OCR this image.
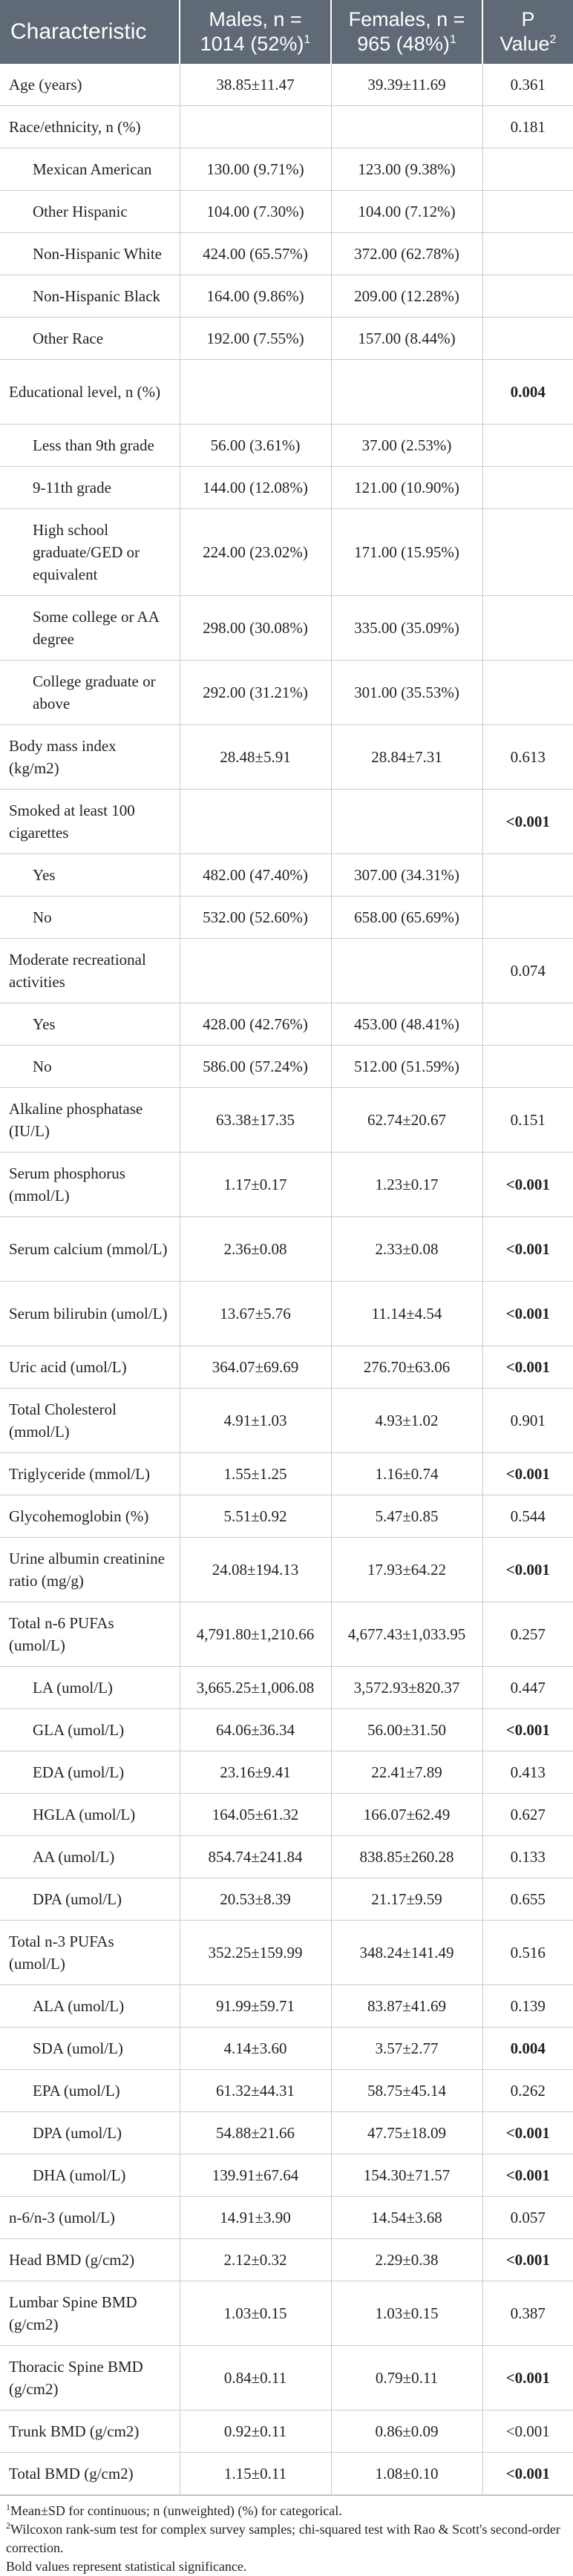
Characteristic	Males, n =
1014 $(52\%)^1$	Females, n =
965 $(48\%)^1$	P
Value$^2$
Age (years)	38.85±11.47	39.39±11.69	0.361
Race/ethnicity, n (%)			0.181
Mexican American	130.00 (9.71%)	123.00 (9.38%)	
Other Hispanic	104.00 (7.30%)	104.00 (7.12%)	
Non-Hispanic White	424.00 (65.57%)	372.00 (62.78%)	
Non-Hispanic Black	164.00 (9.86%)	209.00 (12.28%)	
Other Race	192.00 (7.55%)	157.00 (8.44%)	
Educational level, n (%)			0.004
Less than 9th grade	56.00 (3.61%)	37.00 (2.53%)	
9-11th grade	144.00 (12.08%)	121.00 (10.90%)	
High school graduate/GED or equivalent	224.00 (23.02%)	171.00 (15.95%)	
Some college or AA degree	298.00 (30.08%)	335.00 (35.09%)	
College graduate or above	292.00 (31.21%)	301.00 (35.53%)	
Body mass index (kg/m2)	28.48±5.91	28.84±7.31	0.613
Smoked at least 100 cigarettes			<0.001
Yes	482.00 (47.40%)	307.00 (34.31%)	
No	532.00 (52.60%)	658.00 (65.69%)	
Moderate recreational activities			0.074
Yes	428.00 (42.76%)	453.00 (48.41%)	
No	586.00 (57.24%)	512.00 (51.59%)	
Alkaline phosphatase (IU/L)	63.38±17.35	62.74±20.67	0.151
Serum phosphorus (mmol/L)	1.17±0.17	1.23±0.17	<0.001
Serum calcium (mmol/L)	2.36±0.08	2.33±0.08	<0.001
Serum bilirubin (umol/L)	13.67±5.76	11.14±4.54	<0.001
Uric acid (umol/L)	364.07±69.69	276.70±63.06	<0.001
Total Cholesterol (mmol/L)	4.91±1.03	4.93±1.02	0.901
Triglyceride (mmol/L)	1.55±1.25	1.16±0.74	<0.001
Glycohemoglobin (%)	5.51±0.92	5.47±0.85	0.544
Urine albumin creatinine ratio (mg/g)	24.08±194.13	17.93±64.22	<0.001
Total n-6 PUFAs (umol/L)	4,791.80±1,210.66	4,677.43±1,033.95	0.257
LA (umol/L)	3,665.25±1,006.08	3,572.93±820.37	0.447
GLA (umol/L)	64.06±36.34	56.00±31.50	<0.001
EDA (umol/L)	23.16±9.41	22.41±7.89	0.413
HGLA (umol/L)	164.05±61.32	166.07±62.49	0.627
AA (umol/L)	854.74±241.84	838.85±260.28	0.133
DPA (umol/L)	20.53±8.39	21.17±9.59	0.655
Total n-3 PUFAs (umol/L)	352.25±159.99	348.24±141.49	0.516
ALA (umol/L)	91.99±59.71	83.87±41.69	0.139
SDA (umol/L)	4.14±3.60	3.57±2.77	0.004
EPA (umol/L)	61.32±44.31	58.75±45.14	0.262
DPA (umol/L)	54.88±21.66	47.75±18.09	<0.001
DHA (umol/L)	139.91±67.64	154.30±71.57	<0.001
n-6/n-3 (umol/L)	14.91±3.90	14.54±3.68	0.057
Head BMD (g/cm2)	2.12±0.32	2.29±0.38	<0.001
Lumbar Spine BMD (g/cm2)	1.03±0.15	1.03±0.15	0.387
Thoracic Spine BMD (g/cm2)	0.84±0.11	0.79±0.11	<0.001
Trunk BMD (g/cm2)	0.92±0.11	0.86±0.09	<0.001
Total BMD (g/cm2)	1.15±0.11	1.08±0.10	<0.001
$^1$Mean±SD for continuous; n (unweighted) (%) for categorical.
$^2$Wilcoxon rank-sum test for complex survey samples; chi-squared test with Rao & Scott's second-order correction.
Bold values represent statistical significance.
